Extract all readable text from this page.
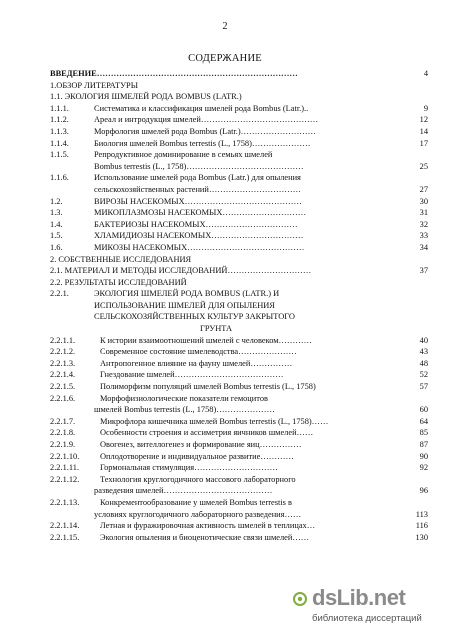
2
СОДЕРЖАНИЕ
ВВЕДЕНИЕ………………………………………………………………	4
1.ОБЗОР ЛИТЕРАТУРЫ
1.1. ЭКОЛОГИЯ ШМЕЛЕЙ РОДА BOMBUS (LATR.)
1.1.1.	Систематика и классификация шмелей рода Bombus (Latr.)..	9
1.1.2.	Ареал и интродукция шмелей……………………………………	12
1.1.3.	Морфология шмелей рода Bombus (Latr.)………………………	14
1.1.4.	Биология шмелей Bombus terrestis (L., 1758)…………………	17
1.1.5.	Репродуктивное доминирование в семьях шмелей
Bombus terrestis (L., 1758)……………………………………	25
1.1.6.	Использование шмелей рода Bombus (Latr.) для опыления
сельскохозяйственных растений……………………………	27
1.2.	ВИРОЗЫ НАСЕКОМЫХ……………………………………	30
1.3.	МИКОПЛАЗМОЗЫ НАСЕКОМЫХ…………………………	31
1.4.	БАКТЕРИОЗЫ НАСЕКОМЫХ……………………………	32
1.5.	ХЛАМИДИОЗЫ НАСЕКОМЫХ……………………………	33
1.6.	МИКОЗЫ НАСЕКОМЫХ……………………………………	34
2. СОБСТВЕННЫЕ ИССЛЕДОВАНИЯ
2.1. МАТЕРИАЛ И МЕТОДЫ ИССЛЕДОВАНИЙ…………………………	37
2.2. РЕЗУЛЬТАТЫ ИССЛЕДОВАНИЙ
2.2.1.	ЭКОЛОГИЯ ШМЕЛЕЙ РОДА BOMBUS (LATR.) И
ИСПОЛЬЗОВАНИЕ ШМЕЛЕЙ ДЛЯ ОПЫЛЕНИЯ
СЕЛЬСКОХОЗЯЙСТВЕННЫХ КУЛЬТУР ЗАКРЫТОГО
ГРУНТА
2.2.1.1.	К истории взаимоотношений шмелей с человеком…………	40
2.2.1.2.	Современное состояние шмелеводства…………………	43
2.2.1.3.	Антропогенное влияние на фауну шмелей……………	48
2.2.1.4.	Гнездование шмелей…………………………………	52
2.2.1.5.	Полиморфизм популяций шмелей Bombus terrestis (L., 1758)	57
2.2.1.6.	Морфофизиологические показатели гемоцитов
шмелей Bombus terrestis (L., 1758)…………………	60
2.2.1.7.	Микрофлора кишечника шмелей Bombus terrestis (L., 1758)……	64
2.2.1.8.	Особенности строения и ассиметрия яичников шмелей……	85
2.2.1.9.	Овогенез, вителлогенез и формирование яиц……………	87
2.2.1.10. Оплодотворение и индивидуальное развитие…………	90
2.2.1.11. Гормональная стимуляция…………………………	92
2.2.1.12. Технология круглогодичного массового лабораторного
разведения шмелей…………………………………	96
2.2.1.13. Конкрементообразование у шмелей Bombus terrestis в
условиях круглогодичного лабораторного разведения……	113
2.2.1.14. Летная и фуражировочная активность шмелей в теплицах…	116
2.2.1.15. Экология опыления и биоценотические связи шмелей……	130
dsLib.net
библиотека диссертаций
